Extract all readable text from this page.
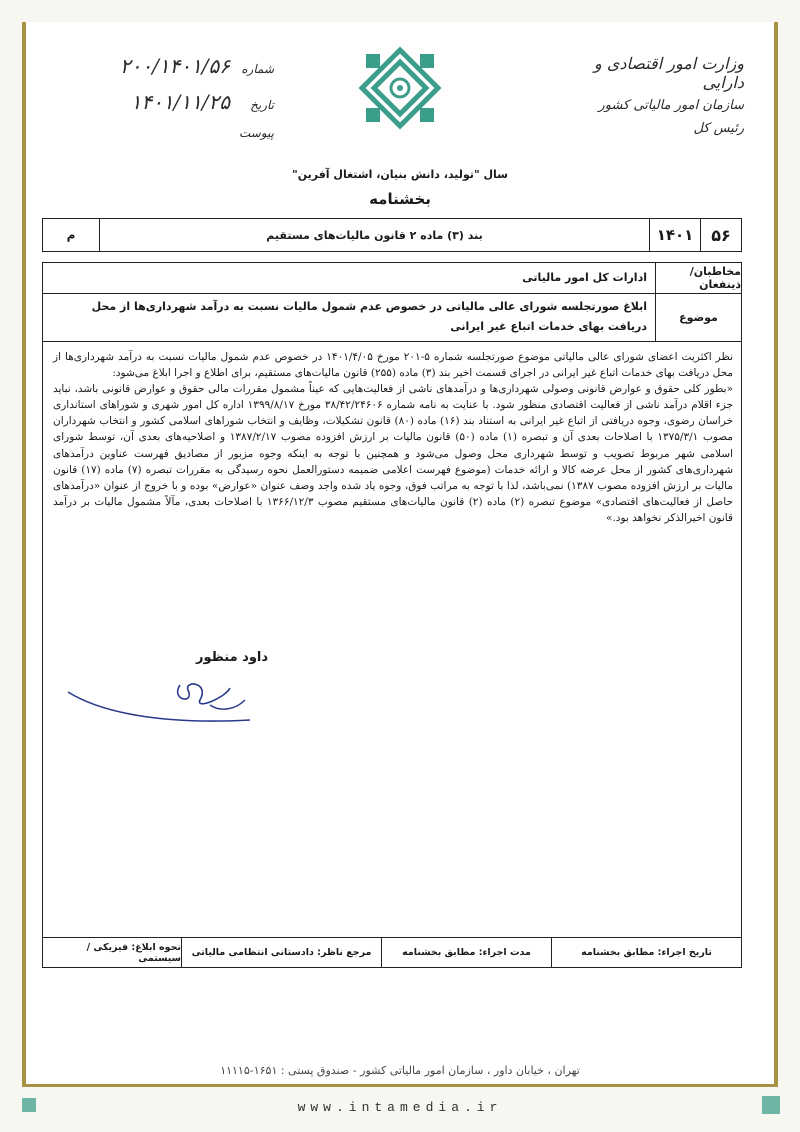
وزارت امور اقتصادی و دارایی
سازمان امور مالیاتی کشور
رئیس کل
شماره
۲۰۰/۱۴۰۱/۵۶
تاریخ
۱۴۰۱/۱۱/۲۵
پیوست
سال "تولید، دانش بنیان، اشتغال آفرین"
بخشنامه
۵۶
۱۴۰۱
بند (۳) ماده ۲ قانون مالیات‌های مستقیم
م
مخاطبان/ذینفعان
ادارات کل امور مالیاتی
موضوع
ابلاغ صورتجلسه شورای عالی مالیاتی در خصوص عدم شمول مالیات نسبت به درآمد شهرداری‌ها از محل دریافت بهای خدمات اتباع غیر ایرانی

نظر اکثریت اعضای شورای عالی مالیاتی موضوع صورتجلسه شماره ۵-۲۰۱ مورخ ۱۴۰۱/۴/۰۵ در خصوص عدم شمول مالیات نسبت به درآمد شهرداری‌ها از محل دریافت بهای خدمات اتباع غیر ایرانی در اجرای قسمت اخیر بند (۳) ماده (۲۵۵) قانون مالیات‌های مستقیم، برای اطلاع و اجرا ابلاغ می‌شود:

«بطور کلی حقوق و عوارض قانونی وصولی شهرداری‌ها و درآمدهای ناشی از فعالیت‌هایی که عیناً مشمول مقررات مالی حقوق و عوارض قانونی باشد، نباید جزء اقلام درآمد ناشی از فعالیت اقتصادی منظور شود. با عنایت به نامه شماره ۳۸/۴۲/۲۴۶۰۶ مورخ ۱۳۹۹/۸/۱۷ اداره کل امور شهری و شوراهای استانداری خراسان رضوی، وجوه دریافتی از اتباع غیر ایرانی به استناد بند (۱۶) ماده (۸۰) قانون تشکیلات، وظایف و انتخاب شوراهای اسلامی کشور و انتخاب شهرداران مصوب ۱۳۷۵/۳/۱ با اصلاحات بعدی آن و تبصره (۱) ماده (۵۰) قانون مالیات بر ارزش افزوده مصوب ۱۳۸۷/۲/۱۷ و اصلاحیه‌های بعدی آن، توسط شورای اسلامی شهر مربوط تصویب و توسط شهرداری محل وصول می‌شود و همچنین با توجه به اینکه وجوه مزبور از مصادیق فهرست عناوین درآمدهای شهرداری‌های کشور از محل عرضه کالا و ارائه خدمات (موضوع فهرست اعلامی ضمیمه دستورالعمل نحوه رسیدگی به مقررات تبصره (۷) ماده (۱۷) قانون مالیات بر ارزش افزوده مصوب ۱۳۸۷) نمی‌باشد، لذا با توجه به مراتب فوق، وجوه یاد شده واجد وصف عنوان «عوارض» بوده و با خروج از عنوان «درآمدهای حاصل از فعالیت‌های اقتصادی» موضوع تبصره (۲) ماده (۲) قانون مالیات‌های مستقیم مصوب ۱۳۶۶/۱۲/۳ با اصلاحات بعدی، مآلاً مشمول مالیات بر درآمد قانون اخیرالذکر نخواهد بود.»

تاریخ اجراء: مطابق بخشنامه
مدت اجراء: مطابق بخشنامه
مرجع ناظر: دادستانی انتظامی مالیاتی
نحوه ابلاغ: فیزیکی / سیستمی
داود منظور
تهران ، خیابان داور ، سازمان امور مالیاتی کشور - صندوق پستی : ۱۶۵۱-۱۱۱۱۵
www.intamedia.ir
